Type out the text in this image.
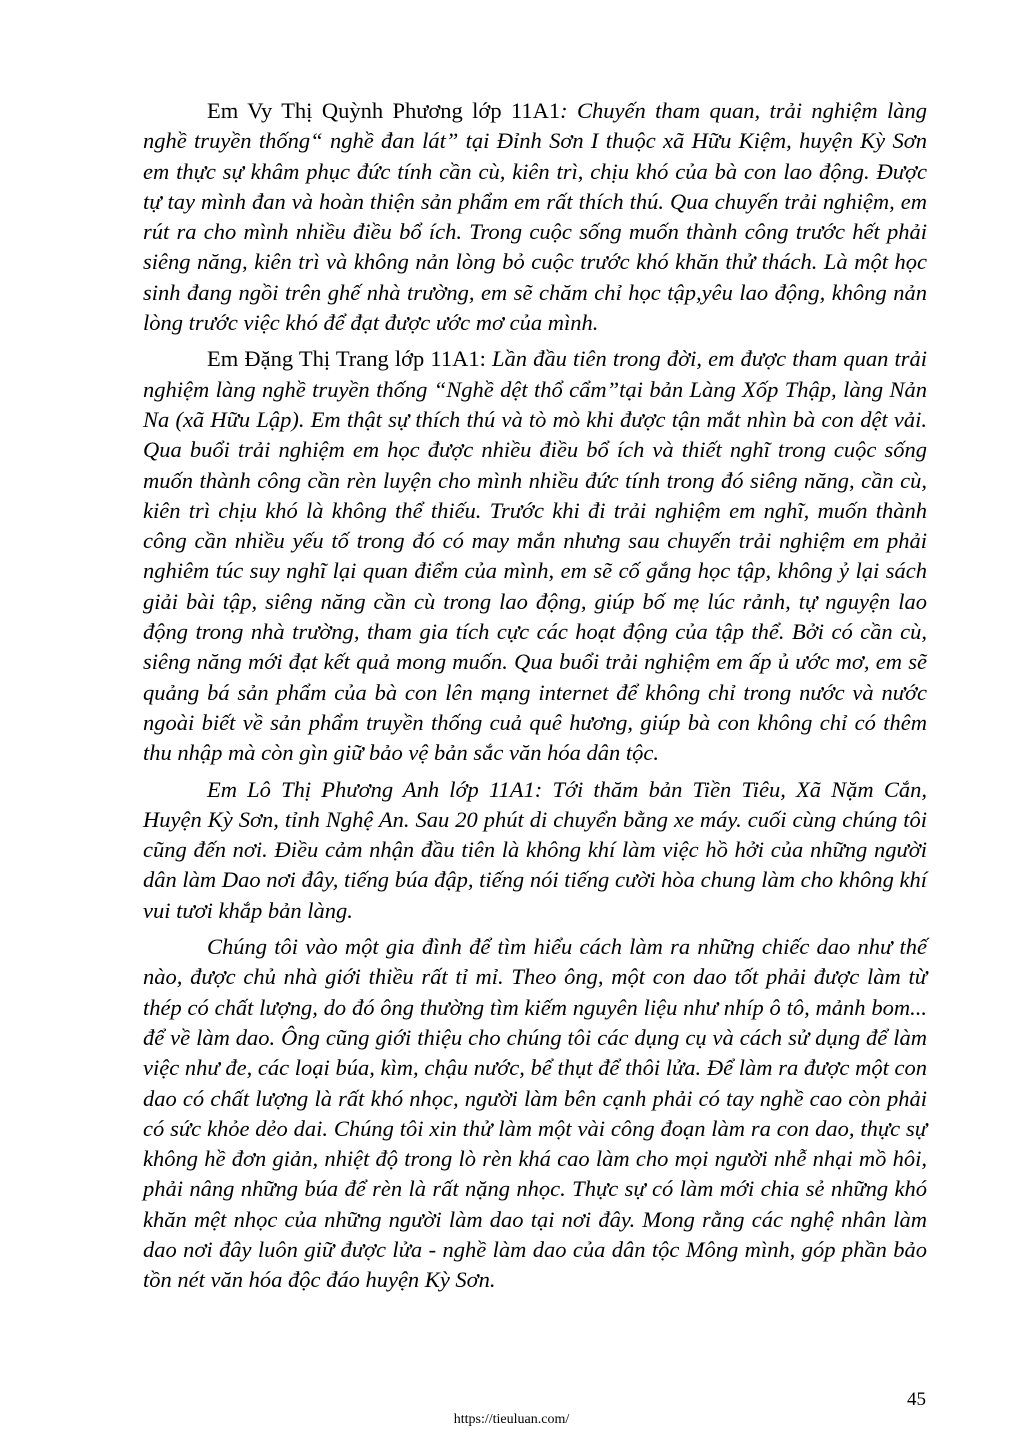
Em Vy Thị Quỳnh Phương lớp 11A1: Chuyến tham quan, trải nghiệm làng nghề truyền thống“ nghề đan lát” tại Đỉnh Sơn I thuộc xã Hữu Kiệm, huyện Kỳ Sơn em thực sự khâm phục đức tính cần cù, kiên trì, chịu khó của bà con lao động. Được tự tay mình đan và hoàn thiện sản phẩm em rất thích thú. Qua chuyến trải nghiệm, em rút ra cho mình nhiều điều bổ ích. Trong cuộc sống muốn thành công trước hết phải siêng năng, kiên trì và không nản lòng bỏ cuộc trước khó khăn thử thách. Là một học sinh đang ngồi trên ghế nhà trường, em sẽ chăm chỉ học tập,yêu lao động, không nản lòng trước việc khó để đạt được ước mơ của mình.

Em Đặng Thị Trang lớp 11A1: Lần đầu tiên trong đời, em được tham quan trải nghiệm làng nghề truyền thống “Nghề dệt thổ cẩm”tại bản Làng Xốp Thập, làng Nản Na (xã Hữu Lập). Em thật sự thích thú và tò mò khi được tận mắt nhìn bà con dệt vải. Qua buổi trải nghiệm em học được nhiều điều bổ ích và thiết nghĩ trong cuộc sống muốn thành công cần rèn luyện cho mình nhiều đức tính trong đó siêng năng, cần cù, kiên trì chịu khó là không thể thiếu. Trước khi đi trải nghiệm em nghĩ, muốn thành công cần nhiều yếu tố trong đó có may mắn nhưng sau chuyến trải nghiệm em phải nghiêm túc suy nghĩ lại quan điểm của mình, em sẽ cố gắng học tập, không ỷ lại sách giải bài tập, siêng năng cần cù trong lao động, giúp bố mẹ lúc rảnh, tự nguyện lao động trong nhà trường, tham gia tích cực các hoạt động của tập thể. Bởi có cần cù, siêng năng mới đạt kết quả mong muốn. Qua buổi trải nghiệm em ấp ủ ước mơ, em sẽ quảng bá sản phẩm của bà con lên mạng internet để không chỉ trong nước và nước ngoài biết về sản phẩm truyền thống cuả quê hương, giúp bà con không chỉ có thêm thu nhập mà còn gìn giữ bảo vệ bản sắc văn hóa dân tộc.

Em Lô Thị Phương Anh lớp 11A1: Tới thăm bản Tiền Tiêu, Xã Nặm Cắn, Huyện Kỳ Sơn, tỉnh Nghệ An. Sau 20 phút di chuyển bằng xe máy. cuối cùng chúng tôi cũng đến nơi. Điều cảm nhận đầu tiên là không khí làm việc hồ hởi của những người dân làm Dao nơi đây, tiếng búa đập, tiếng nói tiếng cười hòa chung làm cho không khí vui tươi khắp bản làng.

Chúng tôi vào một gia đình để tìm hiểu cách làm ra những chiếc dao như thế nào, được chủ nhà giới thiều rất tỉ mỉ. Theo ông, một con dao tốt phải được làm từ thép có chất lượng, do đó ông thường tìm kiếm nguyên liệu như nhíp ô tô, mảnh bom... để về làm dao. Ông cũng giới thiệu cho chúng tôi các dụng cụ và cách sử dụng để làm việc như đe, các loại búa, kìm, chậu nước, bể thụt để thôi lửa. Để làm ra được một con dao có chất lượng là rất khó nhọc, người làm bên cạnh phải có tay nghề cao còn phải có sức khỏe dẻo dai. Chúng tôi xin thử làm một vài công đoạn làm ra con dao, thực sự không hề đơn giản, nhiệt độ trong lò rèn khá cao làm cho mọi người nhễ nhại mồ hôi, phải nâng những búa để rèn là rất nặng nhọc. Thực sự có làm mới chia sẻ những khó khăn mệt nhọc của những người làm dao tại nơi đây. Mong rằng các nghệ nhân làm dao nơi đây luôn giữ được lửa - nghề làm dao của dân tộc Mông mình, góp phần bảo tồn nét văn hóa độc đáo huyện Kỳ Sơn.

45
https://tieuluan.com/
